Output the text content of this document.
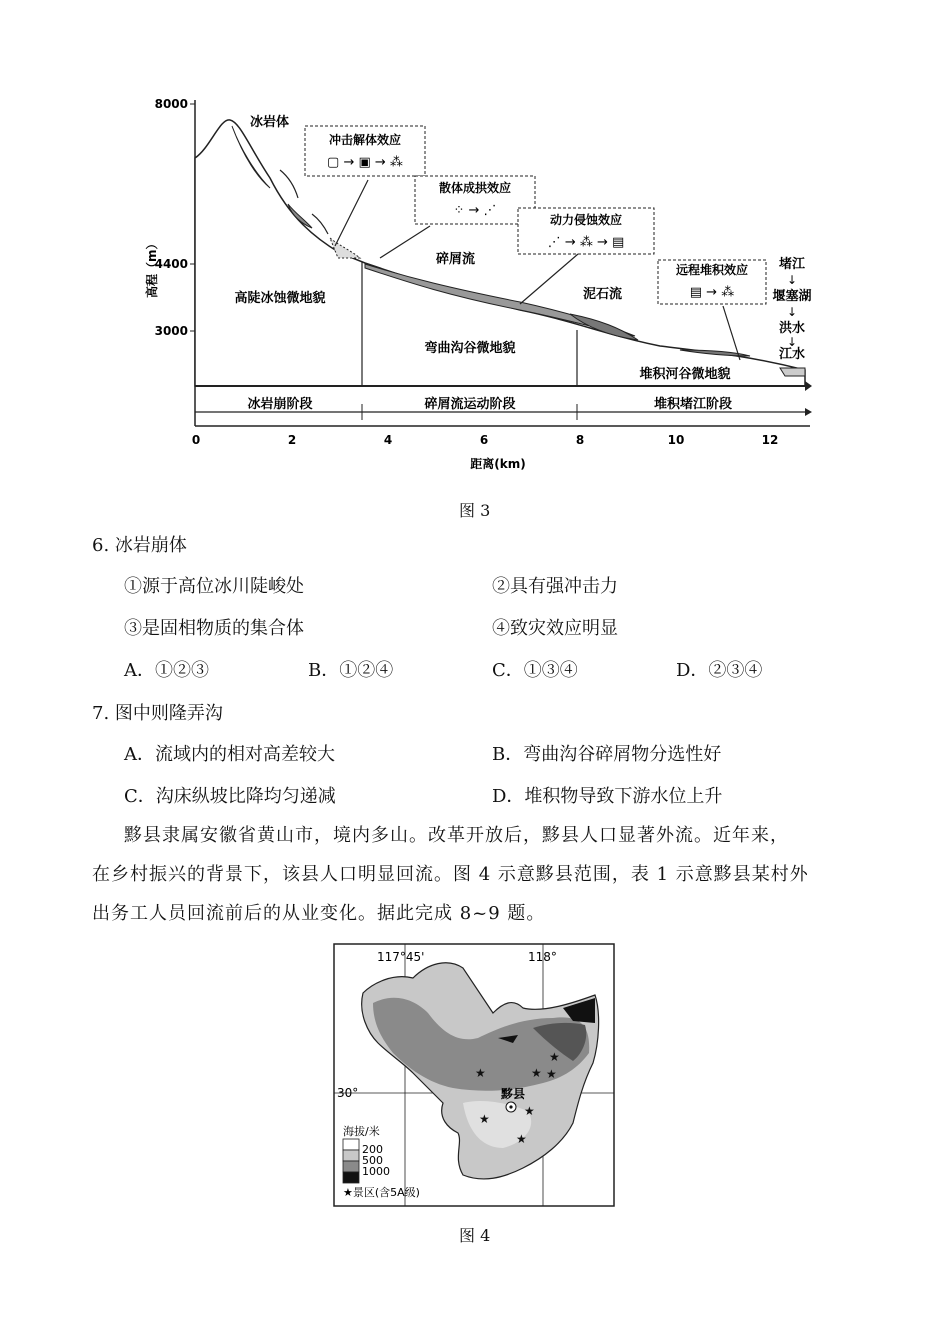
8000
4400
3000
高程（m）
0	2	4	6	8	10	12
距离(km)
高陡冰蚀微地貌
弯曲沟谷微地貌
堆积河谷微地貌
冰岩崩阶段	碎屑流运动阶段	堆积堵江阶段
冰岩体
碎屑流
泥石流
冲击解体效应
▢ → ▣ → ⁂
散体成拱效应
⁘ → ⋰
动力侵蚀效应
⋰ → ⁂ → ▤
远程堆积效应
▤ → ⁂
堵江
↓
堰塞湖
↓
洪水
↓
江水
图 3
6. 冰岩崩体
①源于高位冰川陡峻处	②具有强冲击力
③是固相物质的集合体	④致灾效应明显
A．①②③	B．①②④	C．①③④	D．②③④
7. 图中则隆弄沟
A．流域内的相对高差较大	B．弯曲沟谷碎屑物分选性好
C．沟床纵坡比降均匀递减	D．堆积物导致下游水位上升
黟县隶属安徽省黄山市，境内多山。改革开放后，黟县人口显著外流。近年来，
在乡村振兴的背景下，该县人口明显回流。图 4 示意黟县范围，表 1 示意黟县某村外
出务工人员回流前后的从业变化。据此完成 8~9 题。
★ ★
★
★
★
★
★
黟县
117°45'	118°
30°
海拔/米
200
500
1000
★景区(含5A级)
图 4
